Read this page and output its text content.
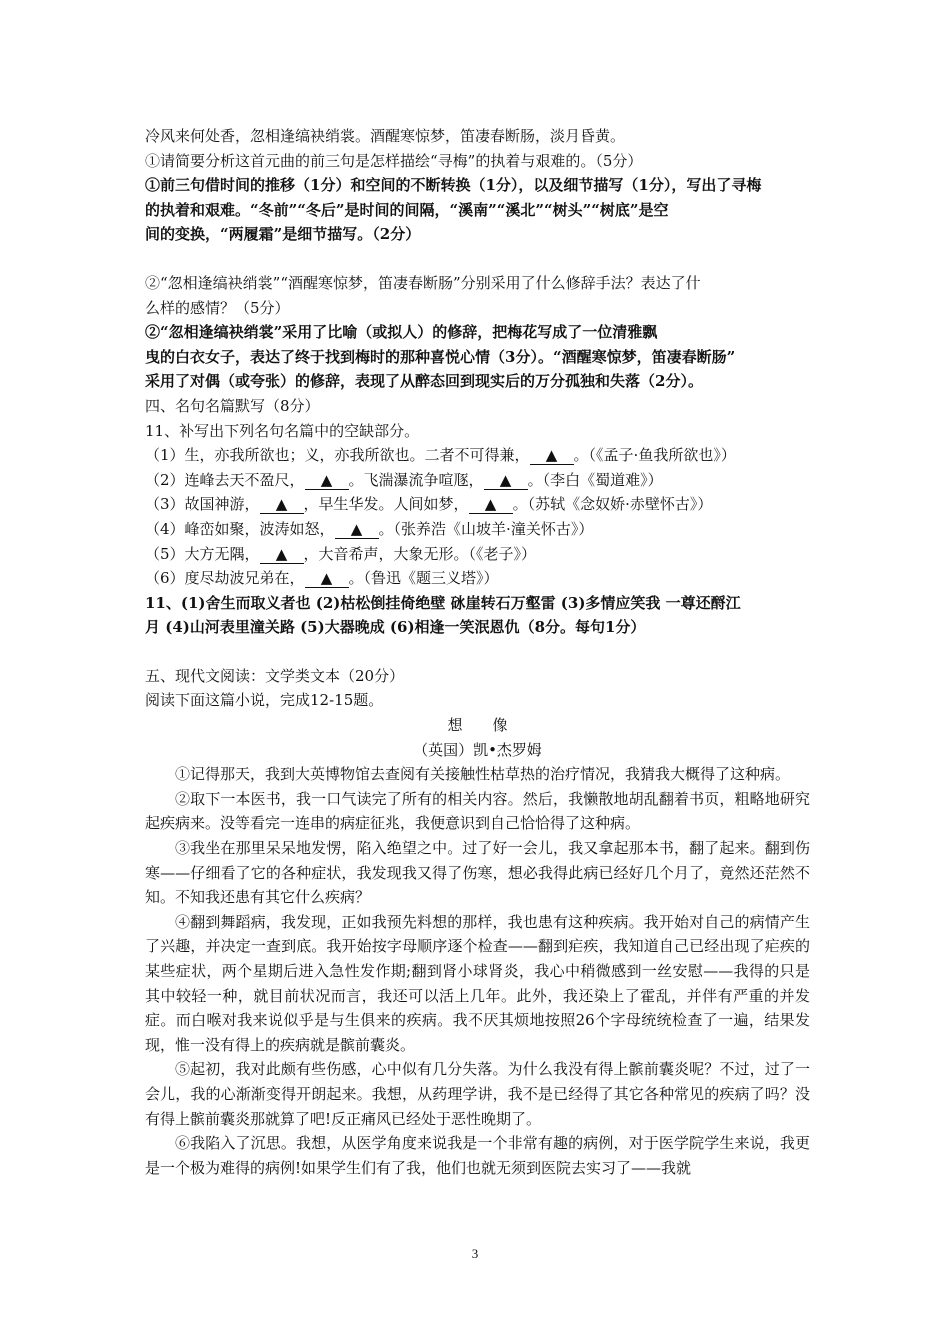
冷风来何处香，忽相逢缟袂绡裳。酒醒寒惊梦，笛凄春断肠，淡月昏黄。
①请简要分析这首元曲的前三句是怎样描绘“寻梅”的执着与艰难的。（5分）
①前三句借时间的推移（1分）和空间的不断转换（1分），以及细节描写（1分），写出了寻梅
的执着和艰难。“冬前”“冬后”是时间的间隔，“溪南”“溪北”“树头”“树底”是空
间的变换，“两履霜”是细节描写。（2分）
②“忽相逢缟袂绡裳”“酒醒寒惊梦，笛凄春断肠”分别采用了什么修辞手法？表达了什
么样的感情？（5分）
②“忽相逢缟袂绡裳”采用了比喻（或拟人）的修辞，把梅花写成了一位清雅飘
曳的白衣女子，表达了终于找到梅时的那种喜悦心情（3分）。“酒醒寒惊梦，笛凄春断肠”
采用了对偶（或夸张）的修辞，表现了从醉态回到现实后的万分孤独和失落（2分）。
四、名句名篇默写（8分）
11、补写出下列名句名篇中的空缺部分。
（1）生，亦我所欲也；义，亦我所欲也。二者不可得兼， ▲ 。（《孟子·鱼我所欲也》）
（2）连峰去天不盈尺， ▲ 。飞湍瀑流争喧豗， ▲ 。（李白《蜀道难》）
（3）故国神游， ▲ ，早生华发。人间如梦， ▲ 。（苏轼《念奴娇·赤壁怀古》）
（4）峰峦如聚，波涛如怒， ▲ 。（张养浩《山坡羊·潼关怀古》）
（5）大方无隅， ▲ ，大音希声，大象无形。（《老子》）
（6）度尽劫波兄弟在， ▲ 。（鲁迅《题三义塔》）
11、(1)舍生而取义者也 (2)枯松倒挂倚绝壁 砯崖转石万壑雷 (3)多情应笑我 一尊还酹江
月 (4)山河表里潼关路 (5)大器晚成 (6)相逢一笑泯恩仇（8分。每句1分）
五、现代文阅读：文学类文本（20分）
阅读下面这篇小说，完成12-15题。
想　　像
（英国）凯•杰罗姆
①记得那天，我到大英博物馆去查阅有关接触性枯草热的治疗情况，我猜我大概得了这种病。
②取下一本医书，我一口气读完了所有的相关内容。然后，我懒散地胡乱翻着书页，粗略地研究起疾病来。没等看完一连串的病症征兆，我便意识到自己恰恰得了这种病。
③我坐在那里呆呆地发愣，陷入绝望之中。过了好一会儿，我又拿起那本书，翻了起来。翻到伤寒——仔细看了它的各种症状，我发现我又得了伤寒，想必我得此病已经好几个月了，竟然还茫然不知。不知我还患有其它什么疾病？
④翻到舞蹈病，我发现，正如我预先料想的那样，我也患有这种疾病。我开始对自己的病情产生了兴趣，并决定一查到底。我开始按字母顺序逐个检查——翻到疟疾，我知道自己已经出现了疟疾的某些症状，两个星期后进入急性发作期;翻到肾小球肾炎，我心中稍微感到一丝安慰——我得的只是其中较轻一种，就目前状况而言，我还可以活上几年。此外，我还染上了霍乱，并伴有严重的并发症。而白喉对我来说似乎是与生俱来的疾病。我不厌其烦地按照26个字母统统检查了一遍，结果发现，惟一没有得上的疾病就是髌前囊炎。
⑤起初，我对此颇有些伤感，心中似有几分失落。为什么我没有得上髌前囊炎呢？不过，过了一会儿，我的心渐渐变得开朗起来。我想，从药理学讲，我不是已经得了其它各种常见的疾病了吗？没有得上髌前囊炎那就算了吧!反正痛风已经处于恶性晚期了。
⑥我陷入了沉思。我想，从医学角度来说我是一个非常有趣的病例，对于医学院学生来说，我更是一个极为难得的病例!如果学生们有了我，他们也就无须到医院去实习了——我就
3
